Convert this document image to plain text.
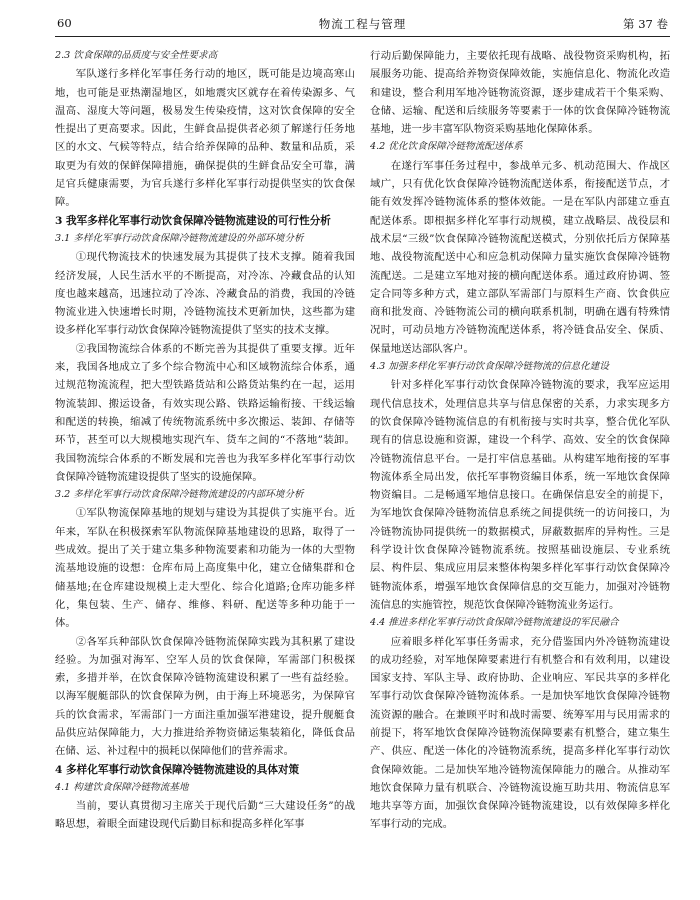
60	物流工程与管理	第 37 卷

2.3 饮食保障的品质度与安全性要求高

军队遂行多样化军事任务行动的地区，既可能是边境高寒山地，也可能是亚热潮湿地区，如地震灾区就存在着传染源多、气温高、湿度大等问题，极易发生传染疫情，这对饮食保障的安全性提出了更高要求。因此，生鲜食品提供者必须了解遂行任务地区的水文、气候等特点，结合给养保障的品种、数量和品质，采取更为有效的保鲜保障措施，确保提供的生鲜食品安全可靠，满足官兵健康需要，为官兵遂行多样化军事行动提供坚实的饮食保障。

3 我军多样化军事行动饮食保障冷链物流建设的可行性分析

3.1 多样化军事行动饮食保障冷链物流建设的外部环境分析

①现代物流技术的快速发展为其提供了技术支撑。随着我国经济发展，人民生活水平的不断提高，对冷冻、冷藏食品的认知度也越来越高，迅速拉动了冷冻、冷藏食品的消费，我国的冷链物流业进入快速增长时期，冷链物流技术更新加快，这些都为建设多样化军事行动饮食保障冷链物流提供了坚实的技术支撑。

②我国物流综合体系的不断完善为其提供了重要支撑。近年来，我国各地成立了多个综合物流中心和区域物流综合体系，通过规范物流流程，把大型铁路货站和公路货站集约在一起，运用物流装卸、搬运设备，有效实现公路、铁路运输衔接、干线运输和配送的转换，缩减了传统物流系统中多次搬运、装卸、存储等环节，甚至可以大规模地实现汽车、货车之间的“不落地”装卸。我国物流综合体系的不断发展和完善也为我军多样化军事行动饮食保障冷链物流建设提供了坚实的设施保障。

3.2 多样化军事行动饮食保障冷链物流建设的内部环境分析

①军队物流保障基地的规划与建设为其提供了实施平台。近年来，军队在积极探索军队物流保障基地建设的思路，取得了一些成效。提出了关于建立集多种物流要素和功能为一体的大型物流基地设施的设想：仓库布局上高度集中化，建立仓储集群和仓储基地;在仓库建设规模上走大型化、综合化道路;仓库功能多样化，集包装、生产、储存、维修、料研、配送等多种功能于一体。

②各军兵种部队饮食保障冷链物流保障实践为其积累了建设经验。为加强对海军、空军人员的饮食保障，军需部门积极探索，多措并举，在饮食保障冷链物流建设积累了一些有益经验。以海军舰艇部队的饮食保障为例，由于海上环境恶劣，为保障官兵的饮食需求，军需部门一方面注重加强军港建设，提升舰艇食品供应站保障能力，大力推进给养物资储运集装箱化，降低食品在储、运、补过程中的损耗以保障他们的营养需求。

4 多样化军事行动饮食保障冷链物流建设的具体对策

4.1 构建饮食保障冷链物流基地

当前，要认真贯彻习主席关于现代后勤“三大建设任务”的战略思想，着眼全面建设现代后勤目标和提高多样化军事

行动后勤保障能力，主要依托现有战略、战役物资采购机构，拓展服务功能、提高给养物资保障效能，实施信息化、物流化改造和建设，整合利用军地冷链物流资源，逐步建成若干个集采购、仓储、运输、配送和后续服务等要素于一体的饮食保障冷链物流基地，进一步丰富军队物资采购基地化保障体系。

4.2 优化饮食保障冷链物流配送体系

在遂行军事任务过程中，参战单元多、机动范围大、作战区域广，只有优化饮食保障冷链物流配送体系，衔接配送节点，才能有效发挥冷链物流体系的整体效能。一是在军队内部建立垂直配送体系。即根据多样化军事行动规模，建立战略层、战役层和战术层“三级”饮食保障冷链物流配送模式，分别依托后方保障基地、战役物流配送中心和应急机动保障力量实施饮食保障冷链物流配送。二是建立军地对接的横向配送体系。通过政府协调、签定合同等多种方式，建立部队军需部门与原料生产商、饮食供应商和批发商、冷链物流公司的横向联系机制，明确在遇有特殊情况时，可动员地方冷链物流配送体系，将冷链食品安全、保质、保量地送达部队客户。

4.3 加强多样化军事行动饮食保障冷链物流的信息化建设

针对多样化军事行动饮食保障冷链物流的要求，我军应运用现代信息技术，处理信息共享与信息保密的关系，力求实现多方的饮食保障冷链物流信息的有机衔接与实时共享，整合优化军队现有的信息设施和资源，建设一个科学、高效、安全的饮食保障冷链物流信息平台。一是打牢信息基础。从构建军地衔接的军事物流体系全局出发，依托军事物资编目体系，统一军地饮食保障物资编目。二是畅通军地信息接口。在确保信息安全的前提下，为军地饮食保障冷链物流信息系统之间提供统一的访问接口，为冷链物流协同提供统一的数据模式，屏蔽数据库的异构性。三是科学设计饮食保障冷链物流系统。按照基础设施层、专业系统层、构件层、集成应用层来整体构架多样化军事行动饮食保障冷链物流体系，增强军地饮食保障信息的交互能力，加强对冷链物流信息的实施管控，规范饮食保障冷链物流业务运行。

4.4 推进多样化军事行动饮食保障冷链物流建设的军民融合

应着眼多样化军事任务需求，充分借鉴国内外冷链物流建设的成功经验，对军地保障要素进行有机整合和有效利用，以建设国家支持、军队主导、政府协助、企业响应、军民共享的多样化军事行动饮食保障冷链物流体系。一是加快军地饮食保障冷链物流资源的融合。在兼顾平时和战时需要、统筹军用与民用需求的前提下，将军地饮食保障冷链物流保障要素有机整合，建立集生产、供应、配送一体化的冷链物流系统，提高多样化军事行动饮食保障效能。二是加快军地冷链物流保障能力的融合。从推动军地饮食保障力量有机联合、冷链物流设施互助共用、物流信息军地共享等方面，加强饮食保障冷链物流建设，以有效保障多样化军事行动的完成。
